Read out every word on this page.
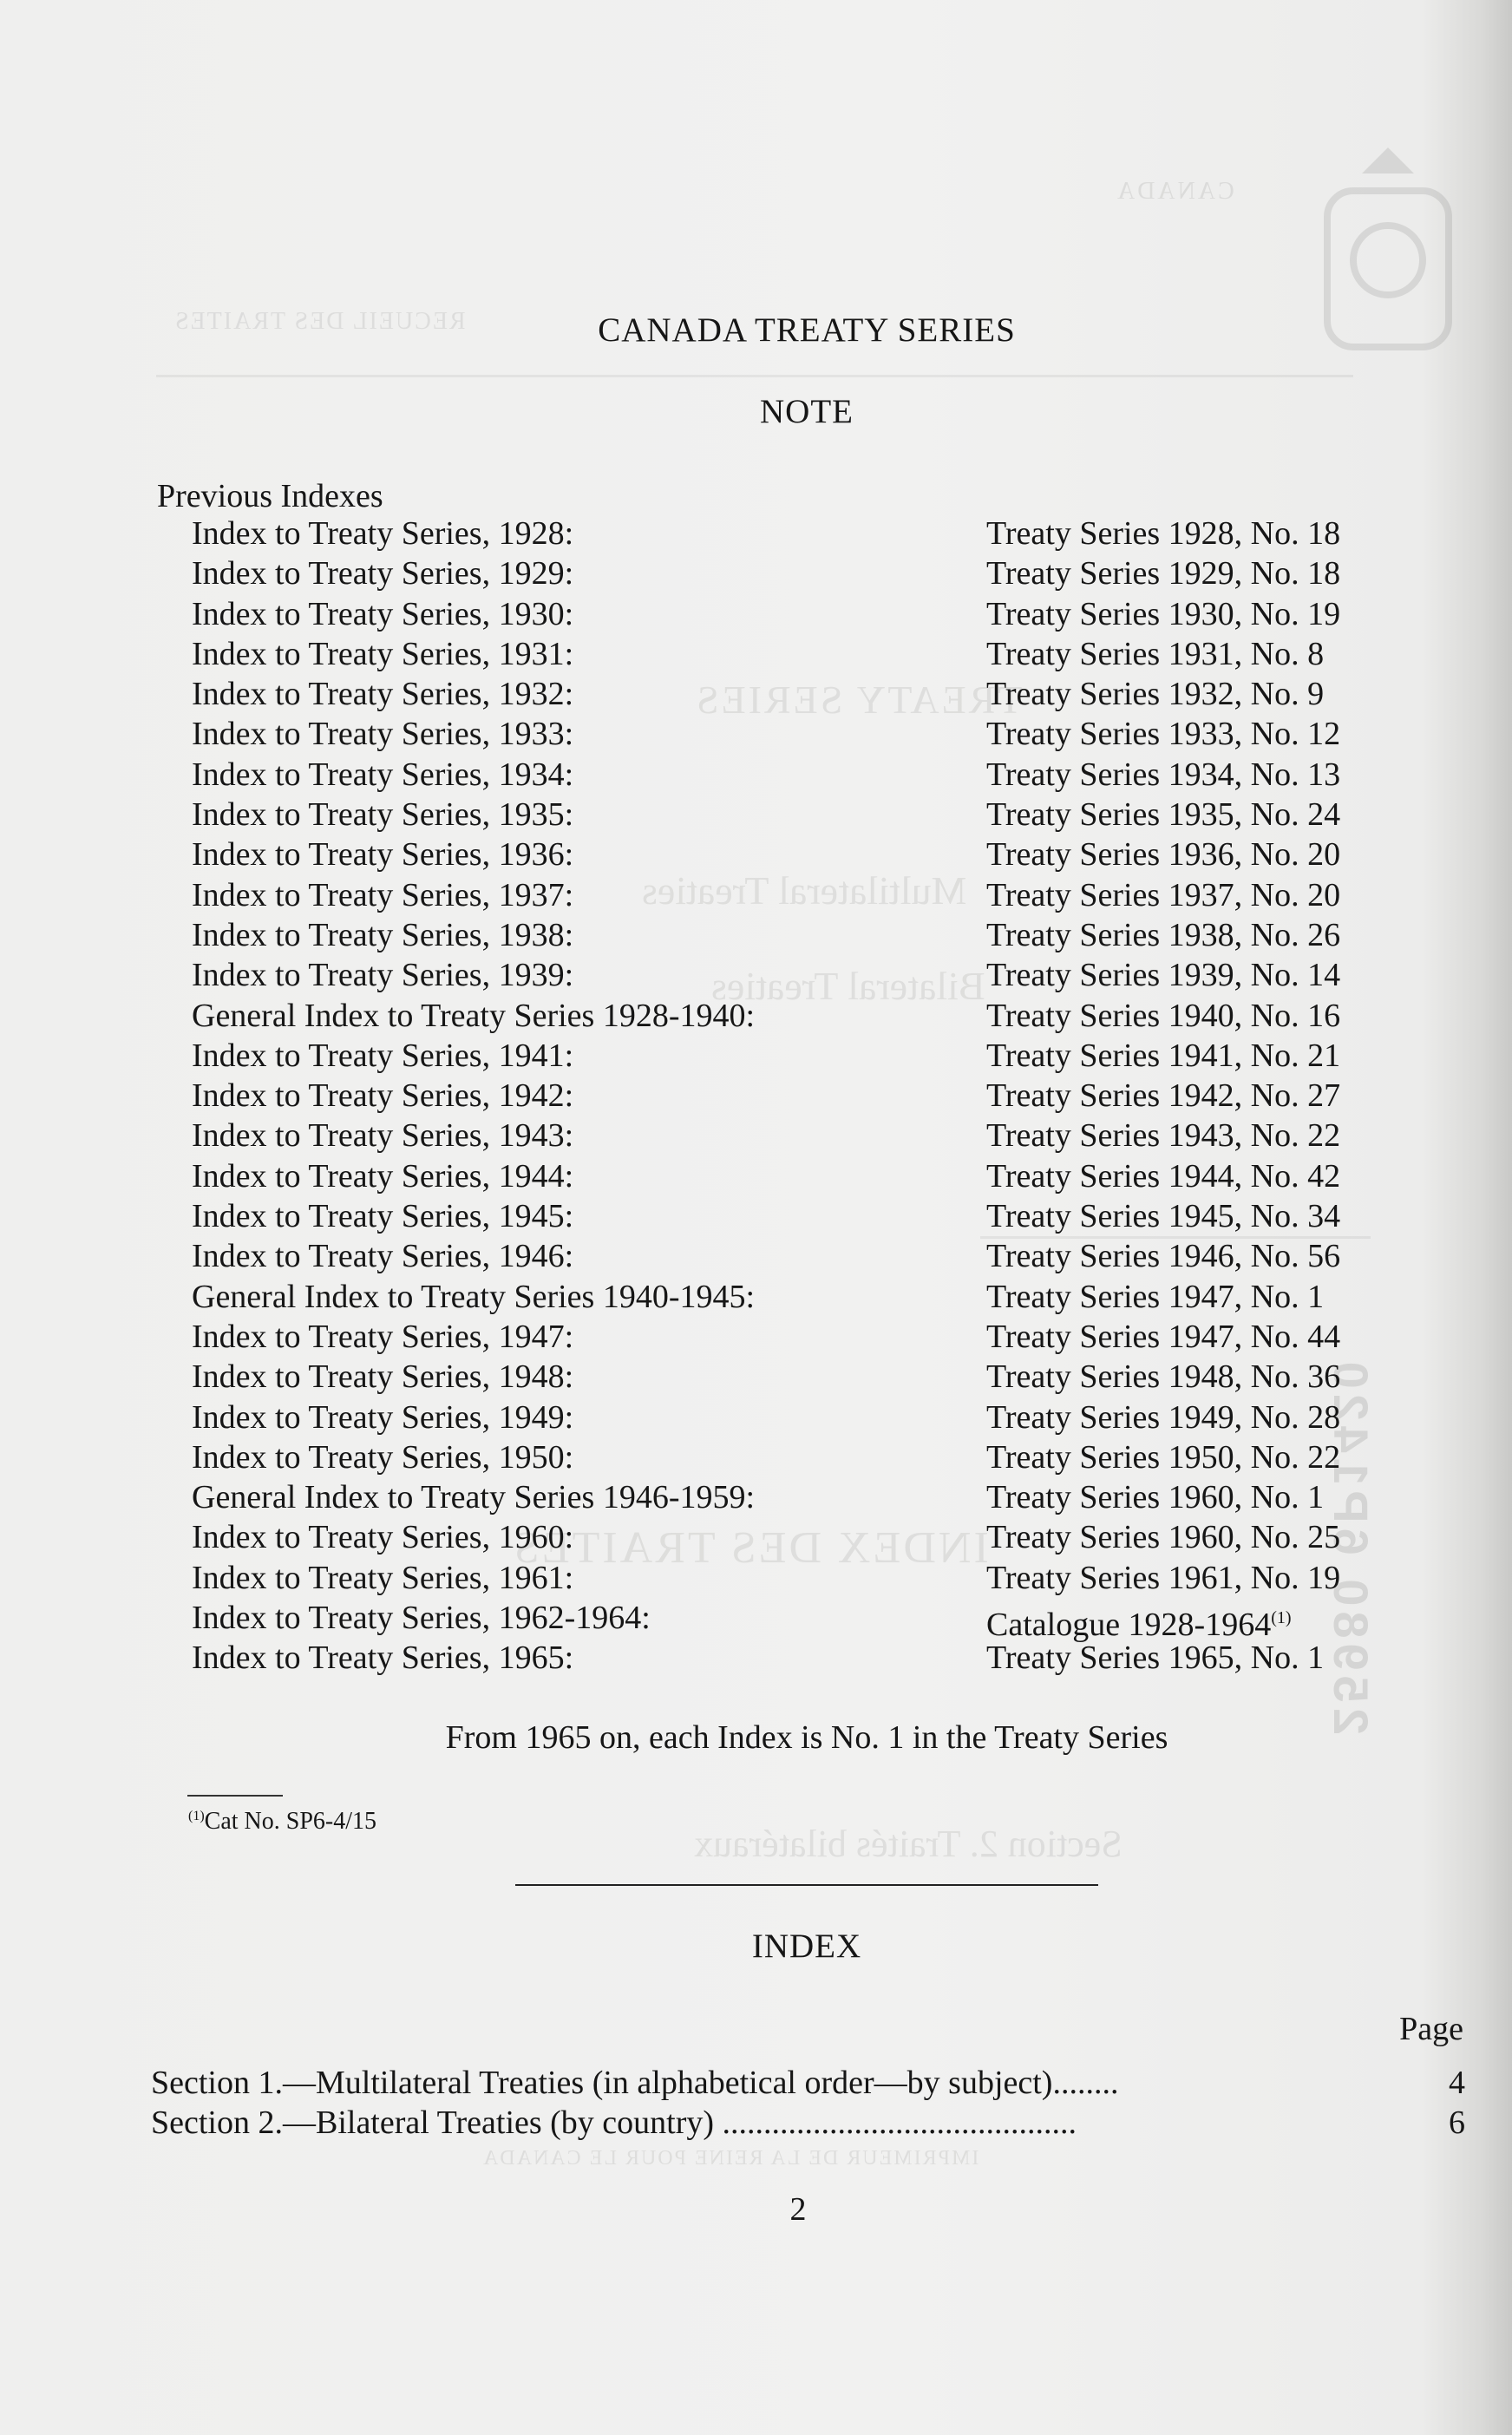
CANADA
RECUEIL DES TRAITES
TREATY SERIES
Multilateral Treaties
Bilateral Treaties
INDEX DES TRAITES
Section 2. Traités bilatéraux
IMPRIMEUR DE LA REINE POUR LE CANADA
25980 6P1420
CANADA TREATY SERIES
NOTE
Previous Indexes
Index to Treaty Series, 1928:	Treaty Series 1928, No. 18
Index to Treaty Series, 1929:	Treaty Series 1929, No. 18
Index to Treaty Series, 1930:	Treaty Series 1930, No. 19
Index to Treaty Series, 1931:	Treaty Series 1931, No. 8
Index to Treaty Series, 1932:	Treaty Series 1932, No. 9
Index to Treaty Series, 1933:	Treaty Series 1933, No. 12
Index to Treaty Series, 1934:	Treaty Series 1934, No. 13
Index to Treaty Series, 1935:	Treaty Series 1935, No. 24
Index to Treaty Series, 1936:	Treaty Series 1936, No. 20
Index to Treaty Series, 1937:	Treaty Series 1937, No. 20
Index to Treaty Series, 1938:	Treaty Series 1938, No. 26
Index to Treaty Series, 1939:	Treaty Series 1939, No. 14
General Index to Treaty Series 1928-1940:	Treaty Series 1940, No. 16
Index to Treaty Series, 1941:	Treaty Series 1941, No. 21
Index to Treaty Series, 1942:	Treaty Series 1942, No. 27
Index to Treaty Series, 1943:	Treaty Series 1943, No. 22
Index to Treaty Series, 1944:	Treaty Series 1944, No. 42
Index to Treaty Series, 1945:	Treaty Series 1945, No. 34
Index to Treaty Series, 1946:	Treaty Series 1946, No. 56
General Index to Treaty Series 1940-1945:	Treaty Series 1947, No. 1
Index to Treaty Series, 1947:	Treaty Series 1947, No. 44
Index to Treaty Series, 1948:	Treaty Series 1948, No. 36
Index to Treaty Series, 1949:	Treaty Series 1949, No. 28
Index to Treaty Series, 1950:	Treaty Series 1950, No. 22
General Index to Treaty Series 1946-1959:	Treaty Series 1960, No. 1
Index to Treaty Series, 1960:	Treaty Series 1960, No. 25
Index to Treaty Series, 1961:	Treaty Series 1961, No. 19
Index to Treaty Series, 1962-1964:	Catalogue 1928-1964$^{(1)}$
Index to Treaty Series, 1965:	Treaty Series 1965, No. 1
From 1965 on, each Index is No. 1 in the Treaty Series
$^{(1)}$Cat No. SP6-4/15
INDEX
Page
Section 1.—Multilateral Treaties (in alphabetical order—by subject)........	4
Section 2.—Bilateral Treaties (by country) ...........................................	6
2
